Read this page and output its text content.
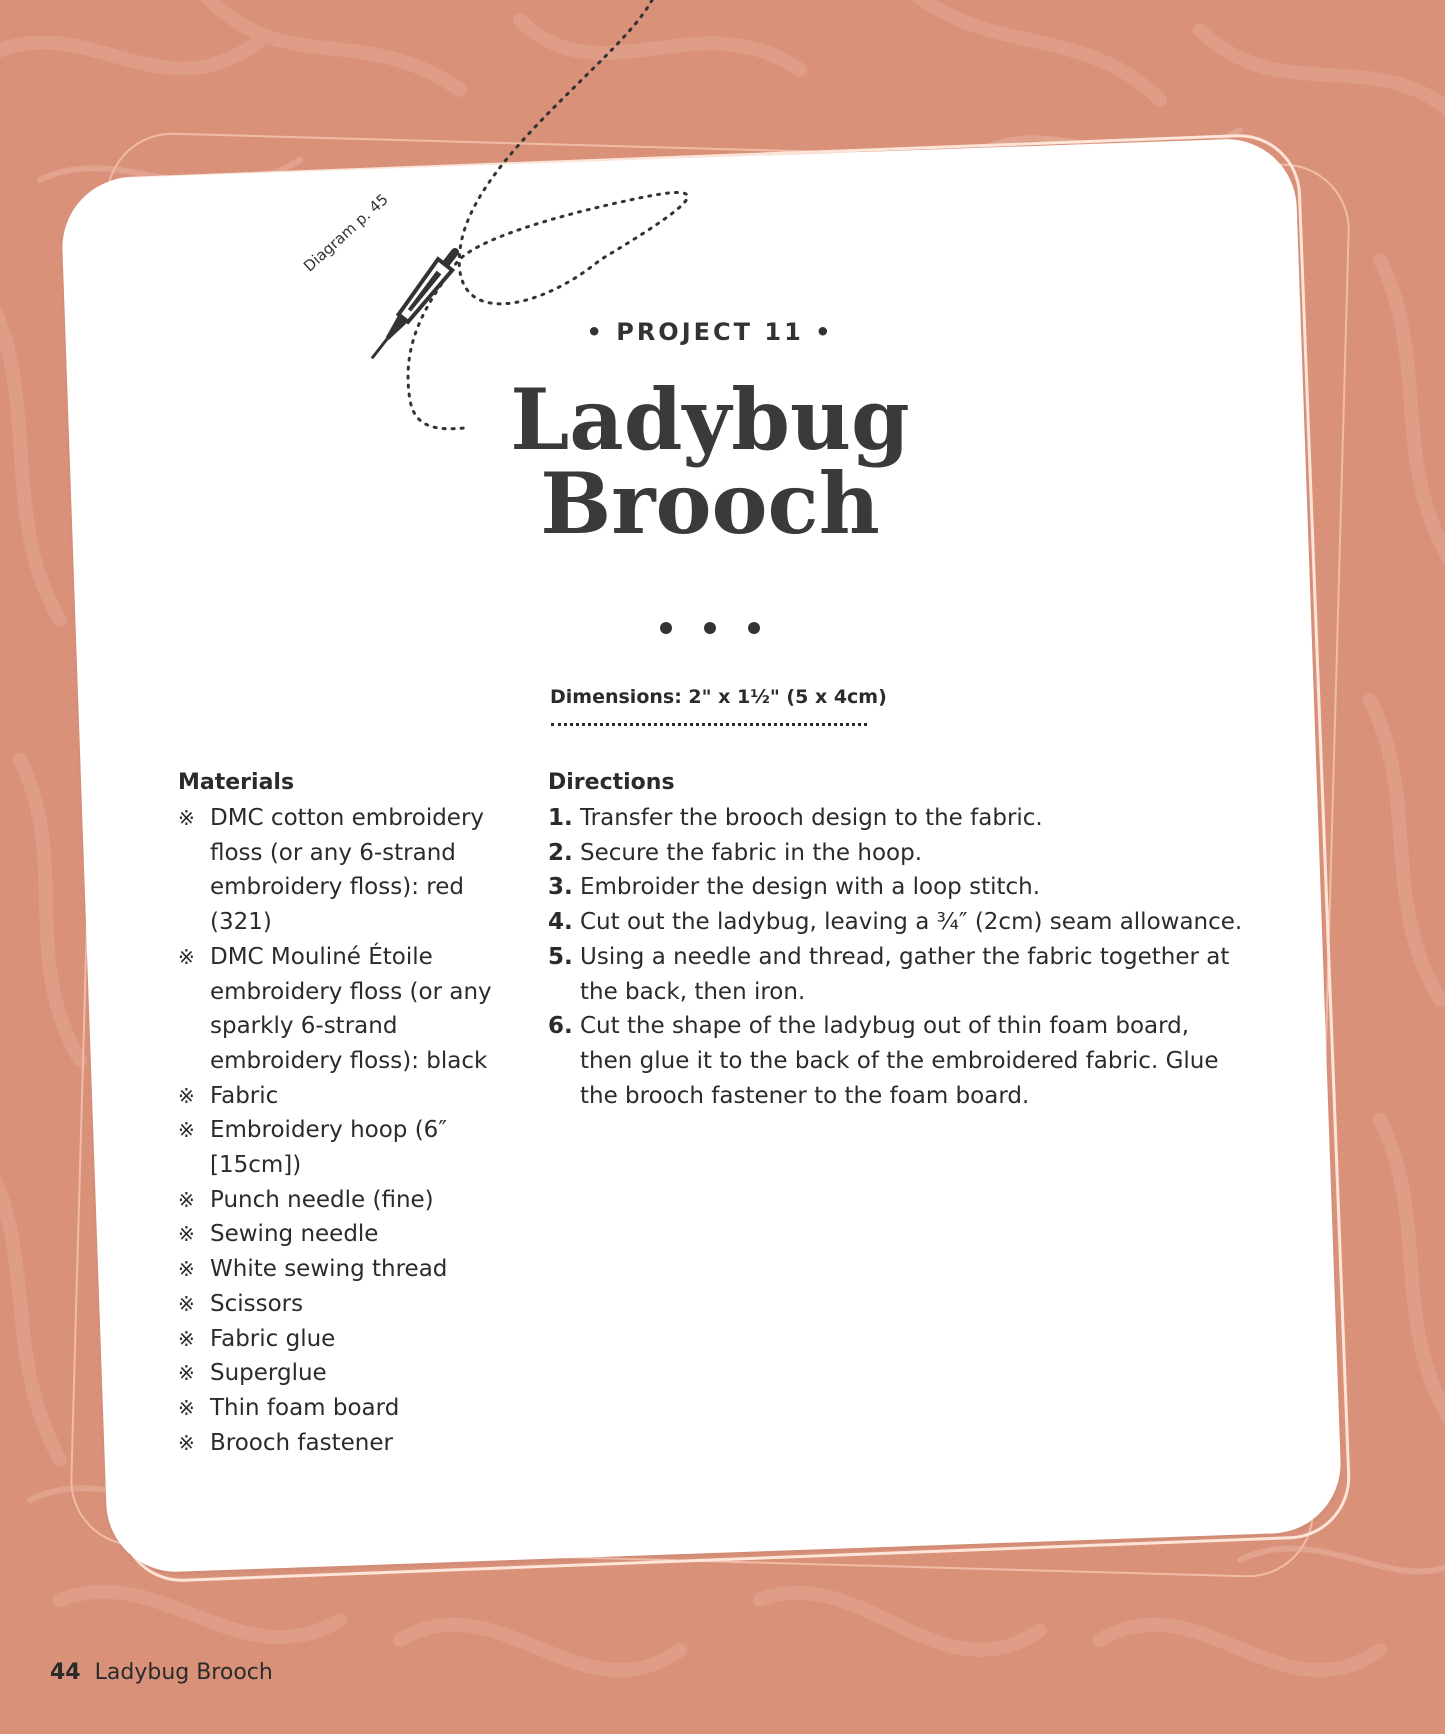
Diagram p. 45
• PROJECT 11 •
Ladybug
Brooch
Dimensions: 2" x 1½" (5 x 4cm)
Materials
※ DMC cotton embroidery floss (or any 6-strand embroidery floss): red (321)
※ DMC Mouliné Étoile embroidery floss (or any sparkly 6-strand embroidery floss): black
※ Fabric
※ Embroidery hoop (6″ [15cm])
※ Punch needle (fine)
※ Sewing needle
※ White sewing thread
※ Scissors
※ Fabric glue
※ Superglue
※ Thin foam board
※ Brooch fastener
Directions
1. Transfer the brooch design to the fabric.
2. Secure the fabric in the hoop.
3. Embroider the design with a loop stitch.
4. Cut out the ladybug, leaving a ¾″ (2cm) seam allowance.
5. Using a needle and thread, gather the fabric together at the back, then iron.
6. Cut the shape of the ladybug out of thin foam board, then glue it to the back of the embroidered fabric. Glue the brooch fastener to the foam board.
44 Ladybug Brooch
